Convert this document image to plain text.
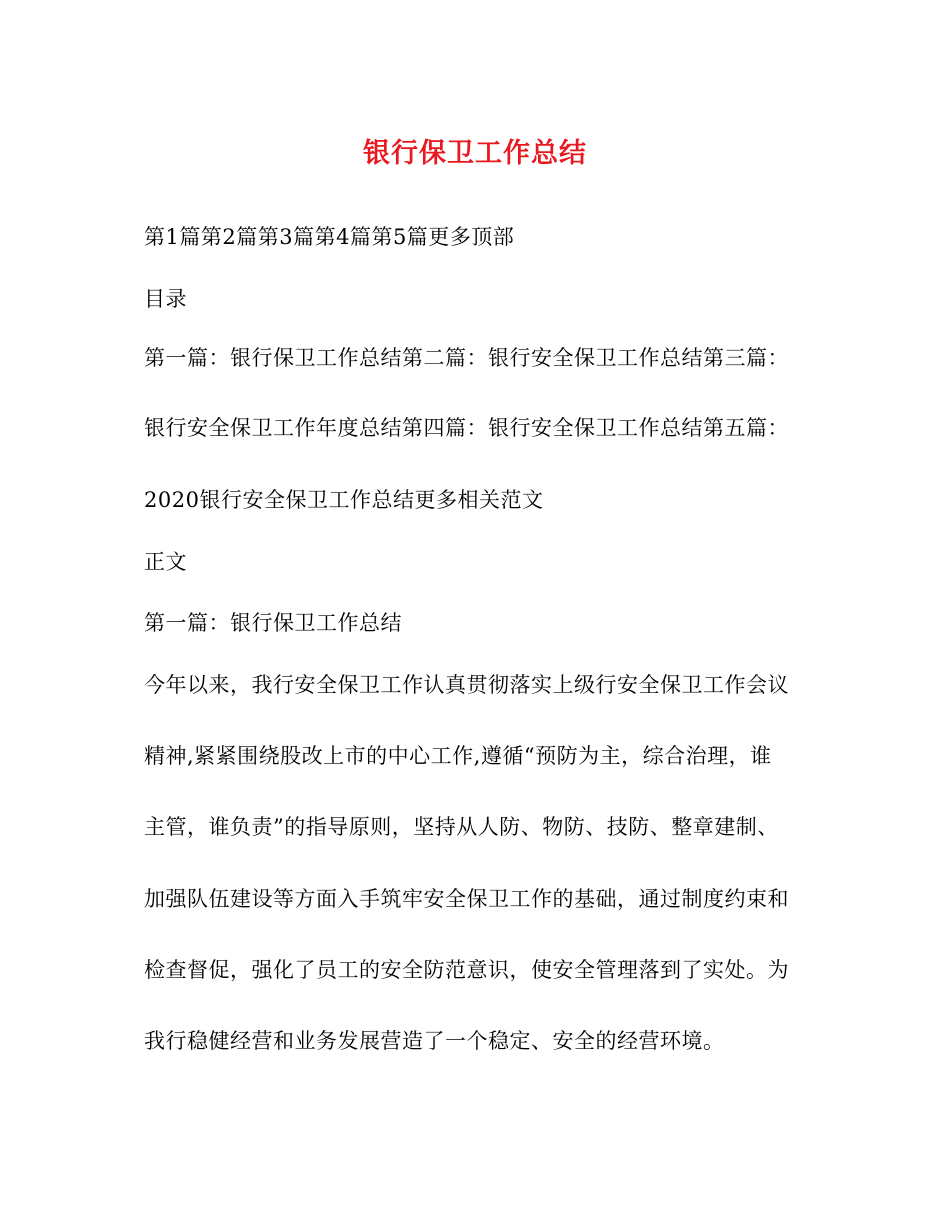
银行保卫工作总结
第1篇第2篇第3篇第4篇第5篇更多顶部
目录
第一篇：银行保卫工作总结第二篇：银行安全保卫工作总结第三篇：
银行安全保卫工作年度总结第四篇：银行安全保卫工作总结第五篇：
2020银行安全保卫工作总结更多相关范文
正文
第一篇：银行保卫工作总结
今年以来，我行安全保卫工作认真贯彻落实上级行安全保卫工作会议
精神,紧紧围绕股改上市的中心工作,遵循“预防为主，综合治理，谁
主管，谁负责”的指导原则，坚持从人防、物防、技防、整章建制、
加强队伍建设等方面入手筑牢安全保卫工作的基础，通过制度约束和
检查督促，强化了员工的安全防范意识，使安全管理落到了实处。为
我行稳健经营和业务发展营造了一个稳定、安全的经营环境。
